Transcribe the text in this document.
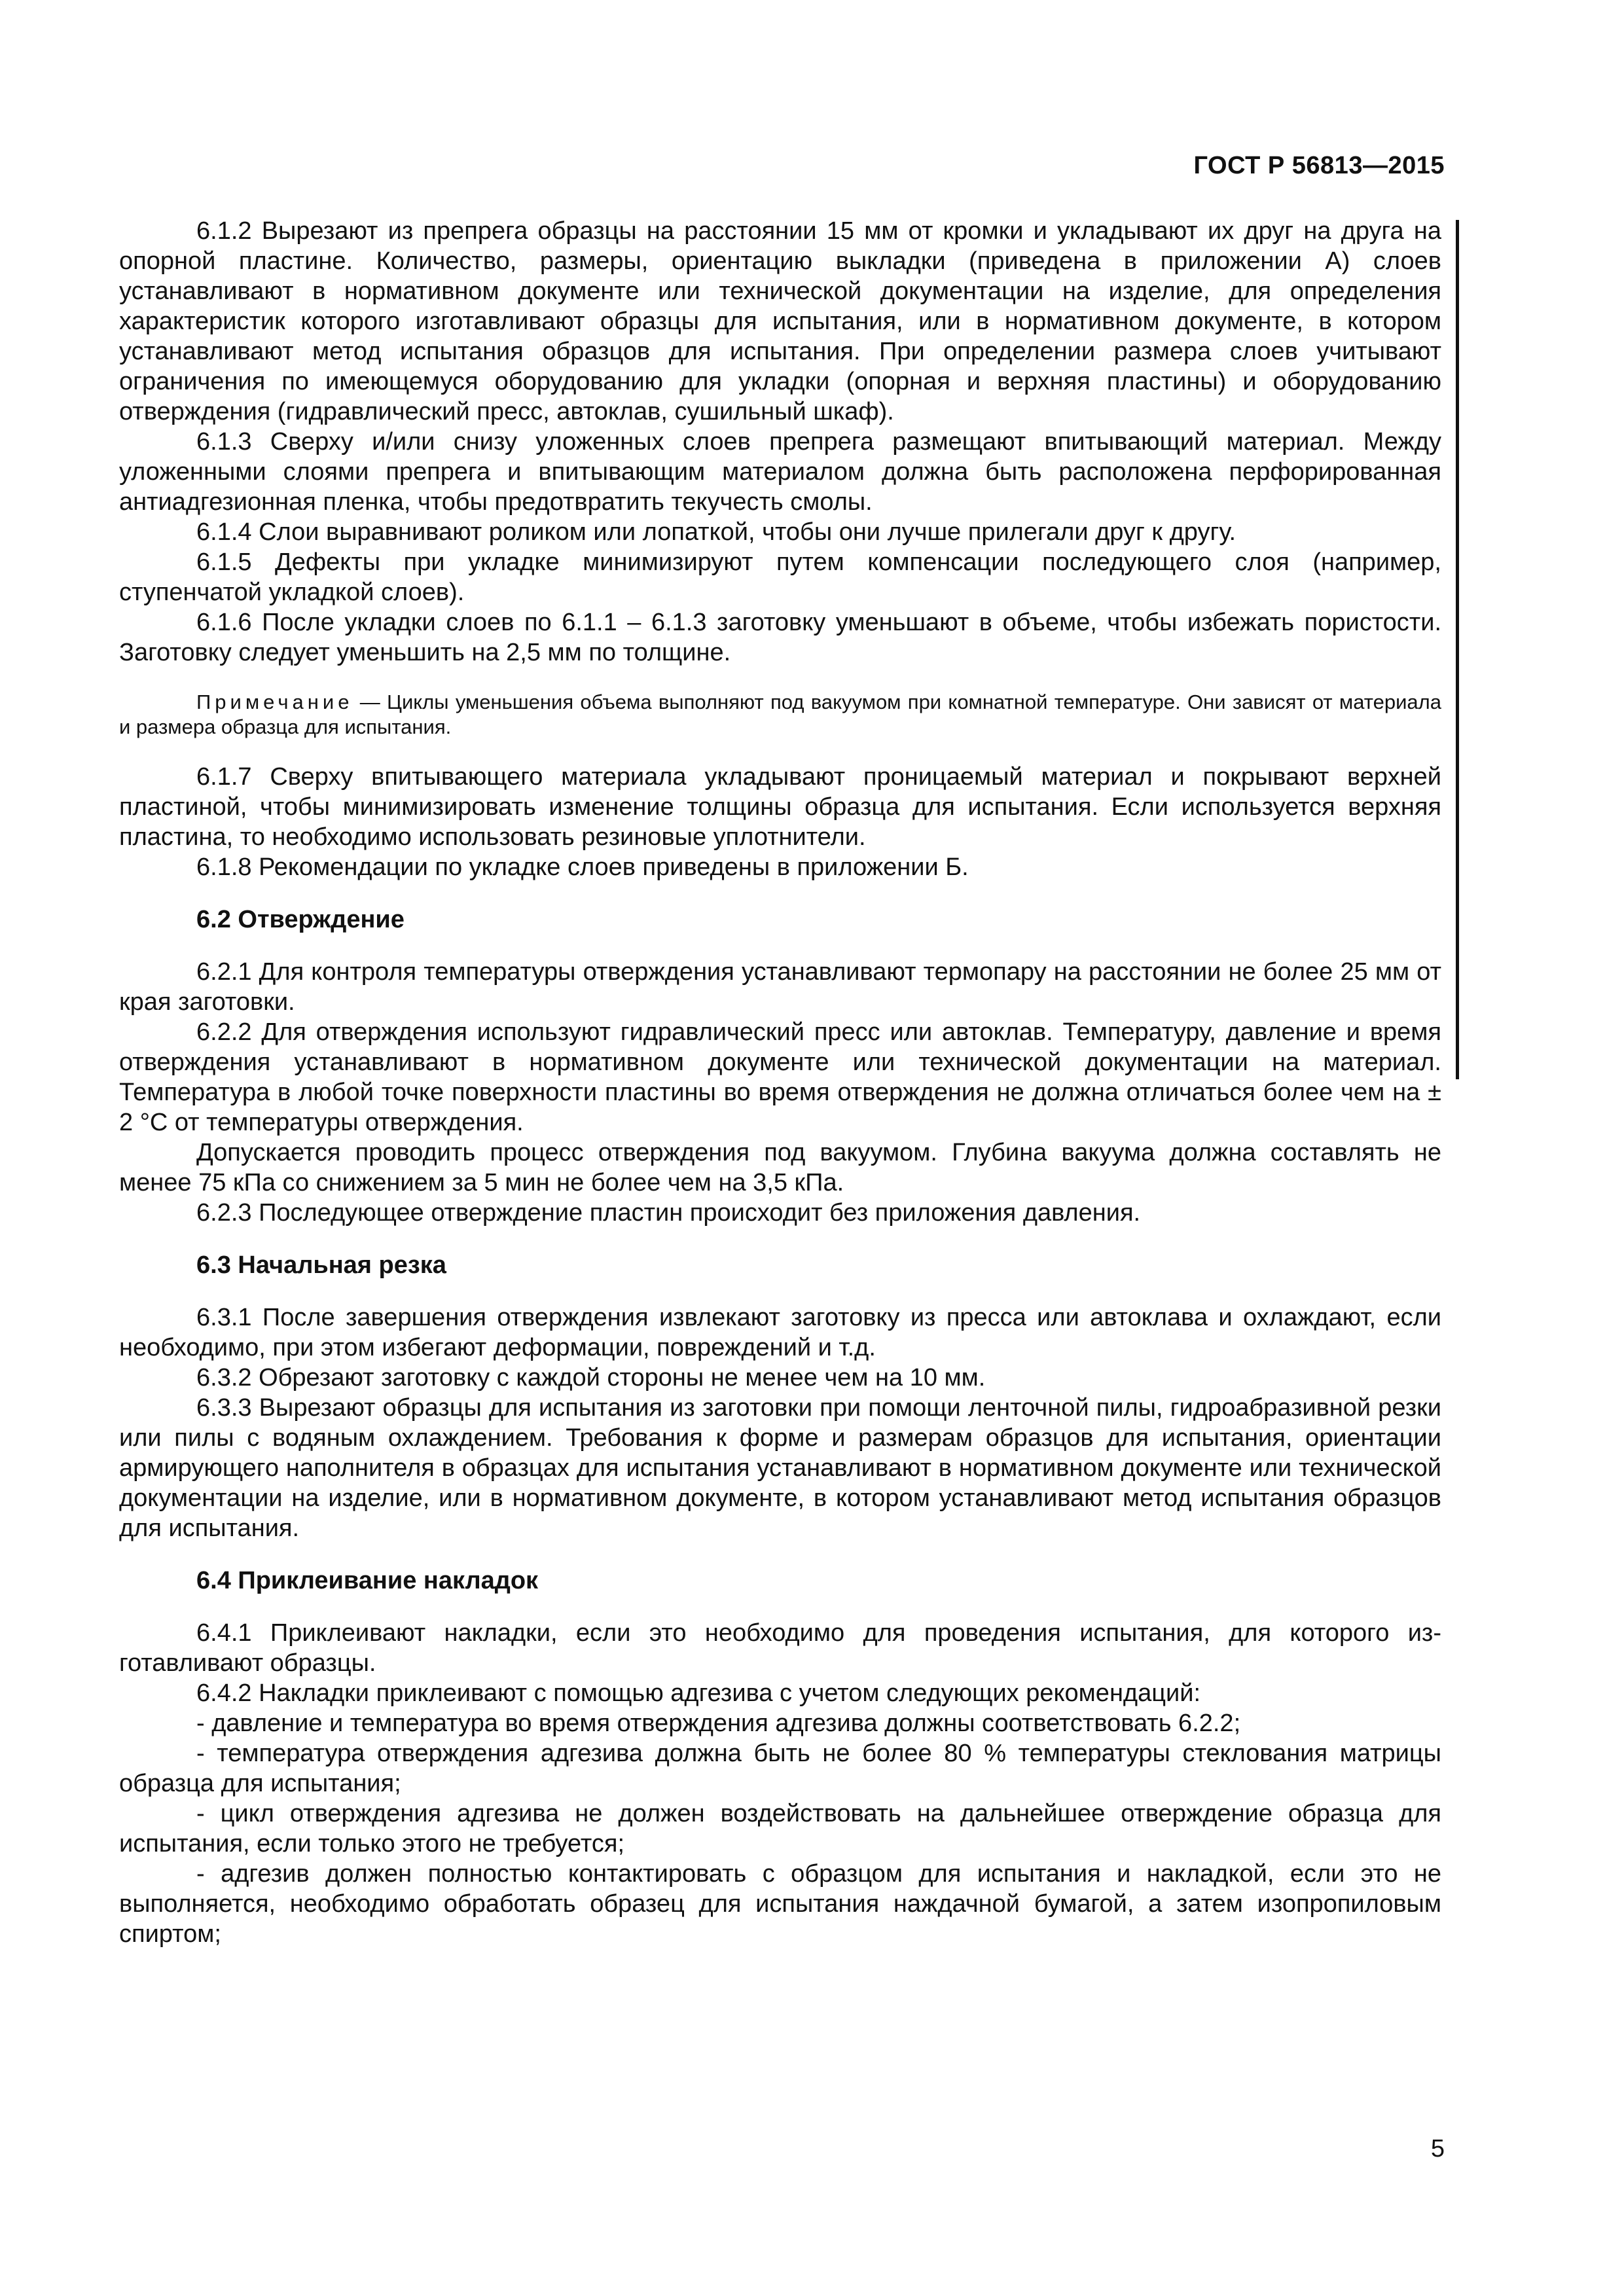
ГОСТ Р 56813—2015

6.1.2 Вырезают из препрега образцы на расстоянии 15 мм от кромки и укладывают их друг на друга на опорной пластине. Количество, размеры, ориентацию выкладки (приведена в приложении А) слоев устанавливают в нормативном документе или технической документации на изделие, для определения характеристик которого изготавливают образцы для испытания, или в нормативном документе, в котором устанавливают метод испытания образцов для испытания. При определении размера слоев учитывают ограничения по имеющемуся оборудованию для укладки (опорная и верхняя пластины) и оборудованию отверждения (гидравлический пресс, автоклав, сушильный шкаф).

6.1.3 Сверху и/или снизу уложенных слоев препрега размещают впитывающий материал. Между уложенными слоями препрега и впитывающим материалом должна быть расположена перфорированная антиадгезионная пленка, чтобы предотвратить текучесть смолы.

6.1.4 Слои выравнивают роликом или лопаткой, чтобы они лучше прилегали друг к другу.

6.1.5 Дефекты при укладке минимизируют путем компенсации последующего слоя (например, ступенчатой укладкой слоев).

6.1.6 После укладки слоев по 6.1.1 – 6.1.3 заготовку уменьшают в объеме, чтобы избежать пористости. Заготовку следует уменьшить на 2,5 мм по толщине.

Примечание — Циклы уменьшения объема выполняют под вакуумом при комнатной температуре. Они зависят от материала и размера образца для испытания.

6.1.7 Сверху впитывающего материала укладывают проницаемый материал и покрывают верхней пластиной, чтобы минимизировать изменение толщины образца для испытания. Если используется верхняя пластина, то необходимо использовать резиновые уплотнители.

6.1.8 Рекомендации по укладке слоев приведены в приложении Б.

6.2 Отверждение

6.2.1 Для контроля температуры отверждения устанавливают термопару на расстоянии не более 25 мм от края заготовки.

6.2.2 Для отверждения используют гидравлический пресс или автоклав. Температуру, давление и время отверждения устанавливают в нормативном документе или технической документации на материал. Температура в любой точке поверхности пластины во время отверждения не должна отличаться более чем на ± 2 °С от температуры отверждения.

Допускается проводить процесс отверждения под вакуумом. Глубина вакуума должна составлять не менее 75 кПа со снижением за 5 мин не более чем на 3,5 кПа.

6.2.3 Последующее отверждение пластин происходит без приложения давления.

6.3 Начальная резка

6.3.1 После завершения отверждения извлекают заготовку из пресса или автоклава и охлаждают, если необходимо, при этом избегают деформации, повреждений и т.д.

6.3.2 Обрезают заготовку с каждой стороны не менее чем на 10 мм.

6.3.3 Вырезают образцы для испытания из заготовки при помощи ленточной пилы, гидроабразивной резки или пилы с водяным охлаждением. Требования к форме и размерам образцов для испытания, ориентации армирующего наполнителя в образцах для испытания устанавливают в нормативном документе или технической документации на изделие, или в нормативном документе, в котором устанавливают метод испытания образцов для испытания.

6.4 Приклеивание накладок

6.4.1 Приклеивают накладки, если это необходимо для проведения испытания, для которого изготавливают образцы.

6.4.2 Накладки приклеивают с помощью адгезива с учетом следующих рекомендаций:

- давление и температура во время отверждения адгезива должны соответствовать 6.2.2;

- температура отверждения адгезива должна быть не более 80 % температуры стеклования матрицы образца для испытания;

- цикл отверждения адгезива не должен воздействовать на дальнейшее отверждение образца для испытания, если только этого не требуется;

- адгезив должен полностью контактировать с образцом для испытания и накладкой, если это не выполняется, необходимо обработать образец для испытания наждачной бумагой, а затем изопропиловым спиртом;

5
